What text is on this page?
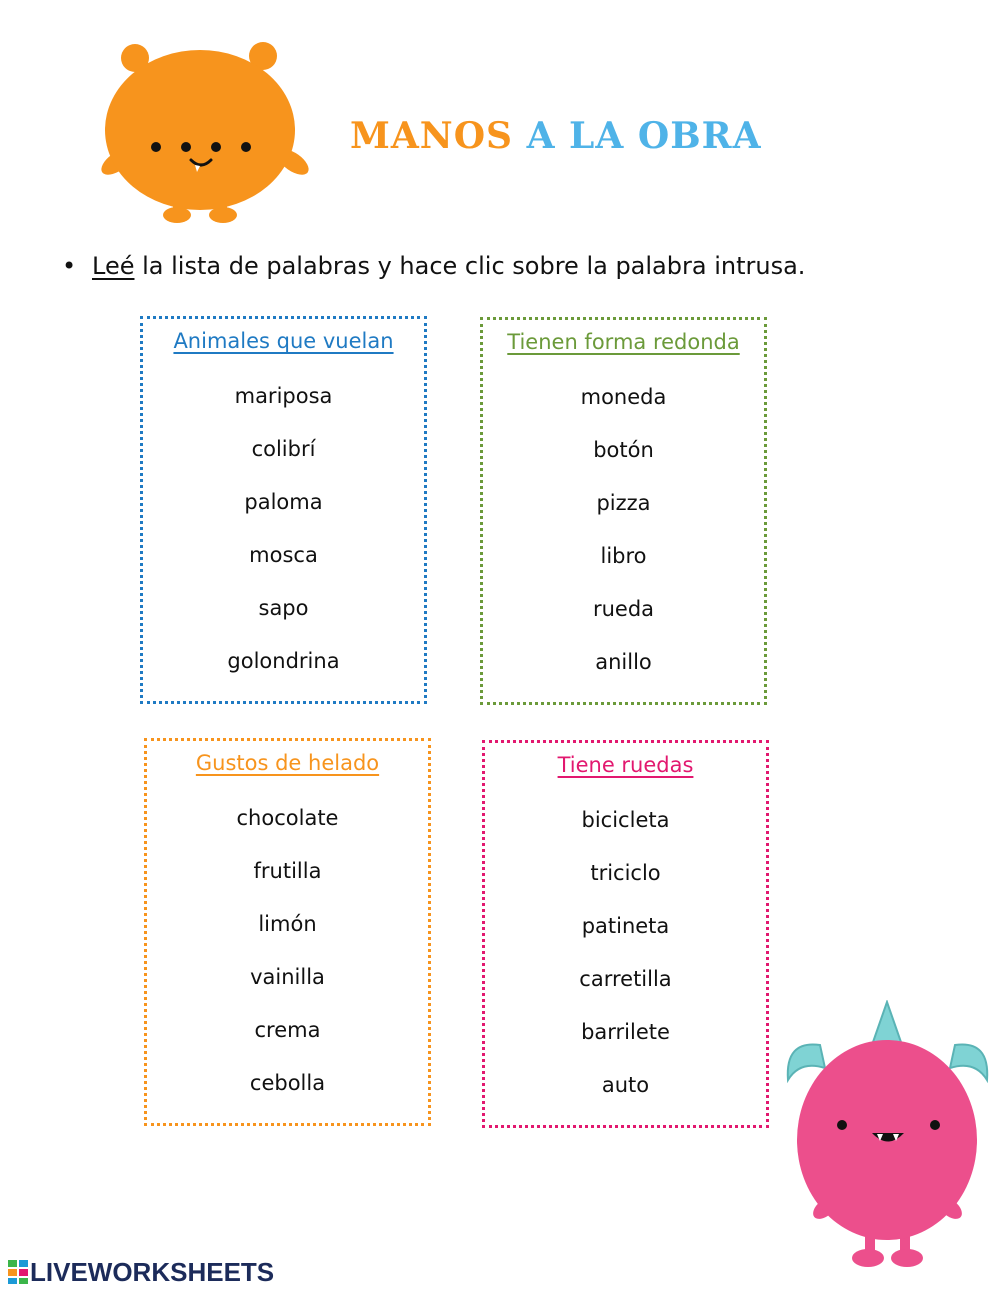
MANOS A LA OBRA
• Leé la lista de palabras y hace clic sobre la palabra intrusa.
Animales que vuelan
mariposa
colibrí
paloma
mosca
sapo
golondrina
Tienen forma redonda
moneda
botón
pizza
libro
rueda
anillo
Gustos de helado
chocolate
frutilla
limón
vainilla
crema
cebolla
Tiene ruedas
bicicleta
triciclo
patineta
carretilla
barrilete
auto
LIVEWORKSHEETS
